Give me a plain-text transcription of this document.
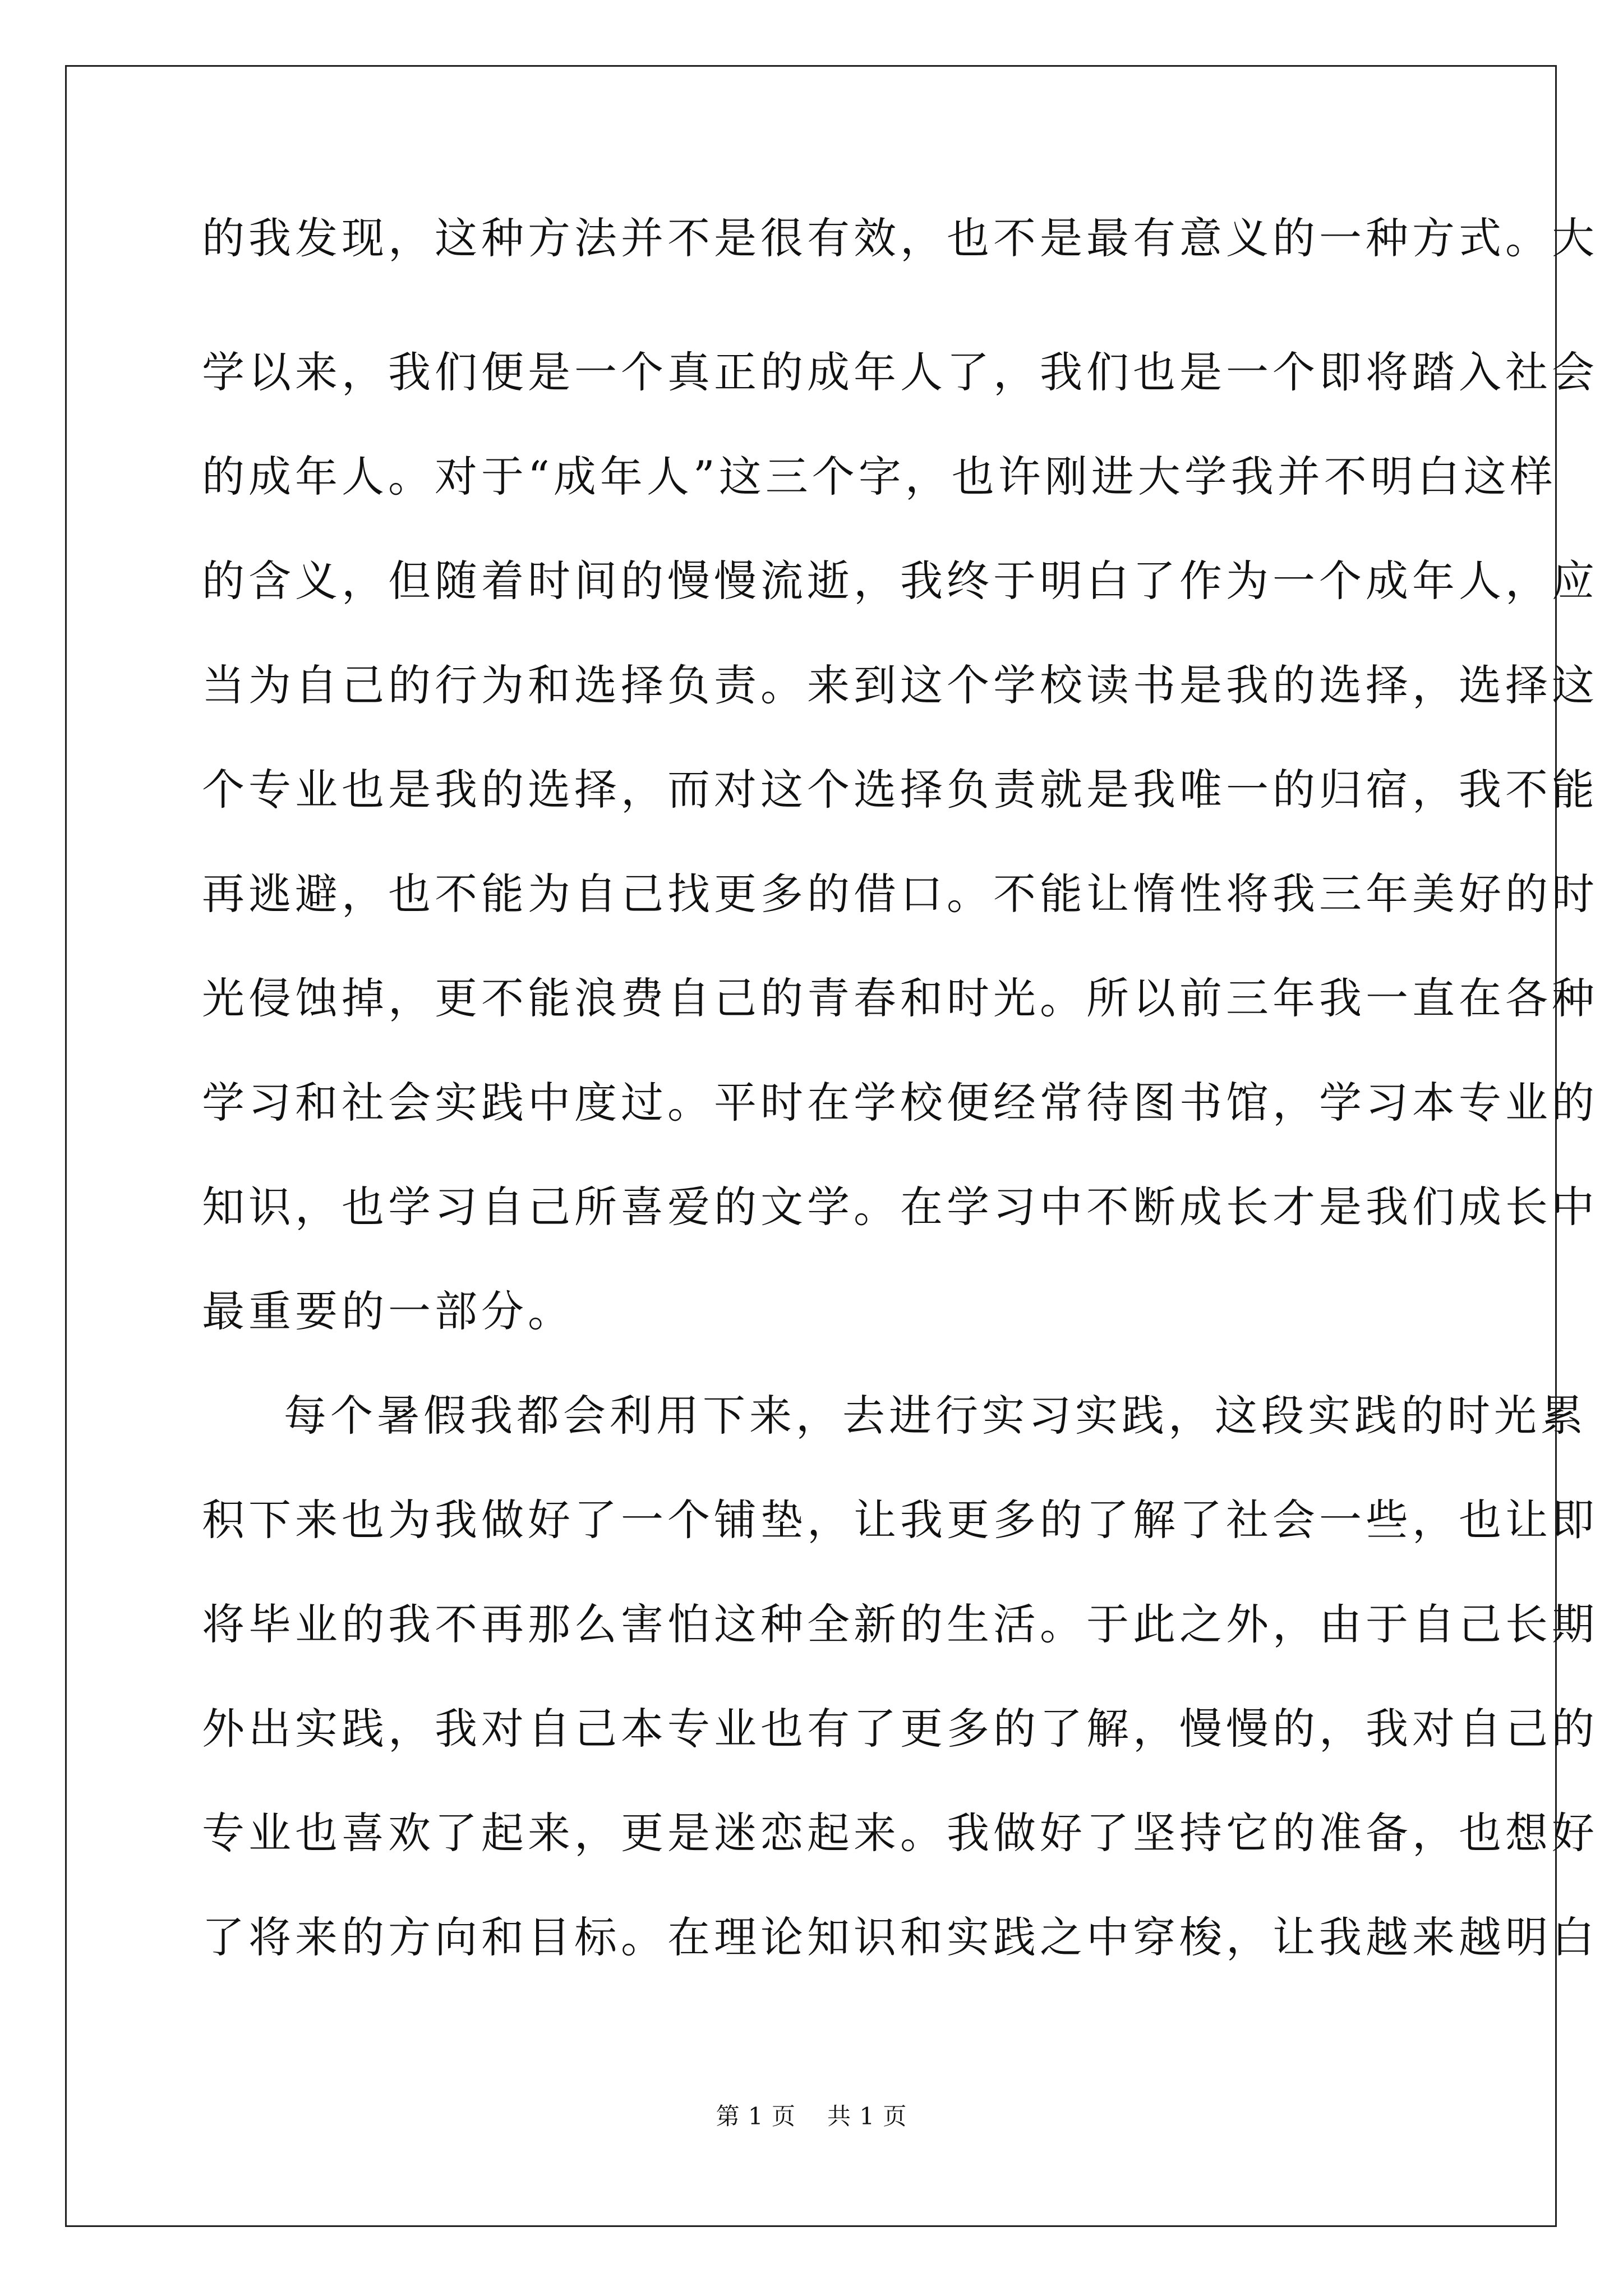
的我发现，这种方法并不是很有效，也不是最有意义的一种方式。大
学以来，我们便是一个真正的成年人了，我们也是一个即将踏入社会
的成年人。对于“成年人”这三个字，也许刚进大学我并不明白这样
的含义，但随着时间的慢慢流逝，我终于明白了作为一个成年人，应
当为自己的行为和选择负责。来到这个学校读书是我的选择，选择这
个专业也是我的选择，而对这个选择负责就是我唯一的归宿，我不能
再逃避，也不能为自己找更多的借口。不能让惰性将我三年美好的时
光侵蚀掉，更不能浪费自己的青春和时光。所以前三年我一直在各种
学习和社会实践中度过。平时在学校便经常待图书馆，学习本专业的
知识，也学习自己所喜爱的文学。在学习中不断成长才是我们成长中
最重要的一部分。
每个暑假我都会利用下来，去进行实习实践，这段实践的时光累
积下来也为我做好了一个铺垫，让我更多的了解了社会一些，也让即
将毕业的我不再那么害怕这种全新的生活。于此之外，由于自己长期
外出实践，我对自己本专业也有了更多的了解，慢慢的，我对自己的
专业也喜欢了起来，更是迷恋起来。我做好了坚持它的准备，也想好
了将来的方向和目标。在理论知识和实践之中穿梭，让我越来越明白
第 1 页 共 1 页
